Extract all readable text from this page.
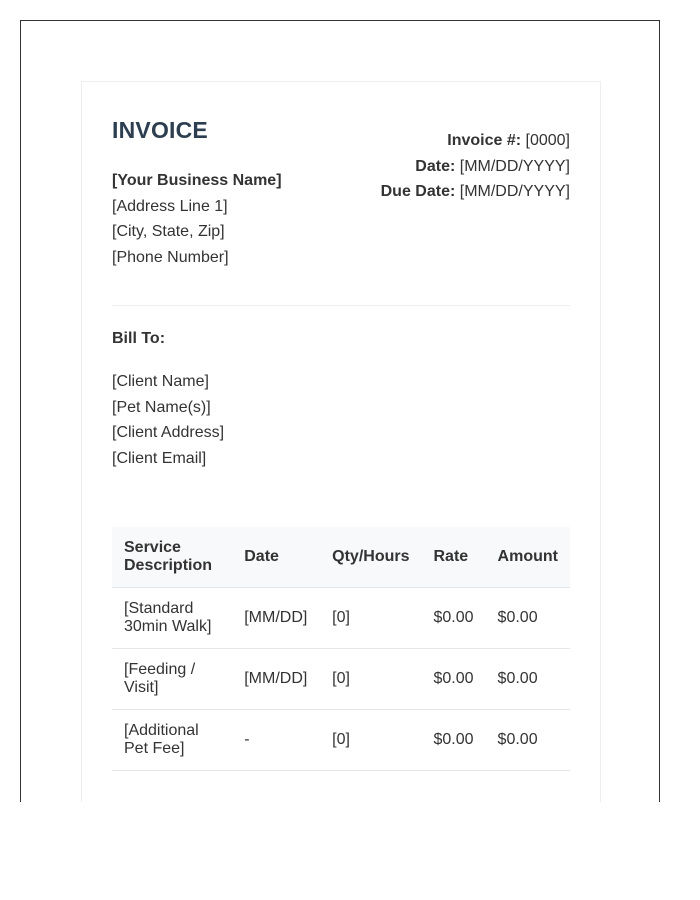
INVOICE
[Your Business Name]
[Address Line 1]
[City, State, Zip]
[Phone Number]
Invoice #: [0000]
Date: [MM/DD/YYYY]
Due Date: [MM/DD/YYYY]
Bill To:
[Client Name]
[Pet Name(s)]
[Client Address]
[Client Email]
Service Description	Date	Qty/Hours	Rate	Amount
[Standard 30min Walk]	[MM/DD]	[0]	$0.00	$0.00
[Feeding / Visit]	[MM/DD]	[0]	$0.00	$0.00
[Additional Pet Fee]	-	[0]	$0.00	$0.00
